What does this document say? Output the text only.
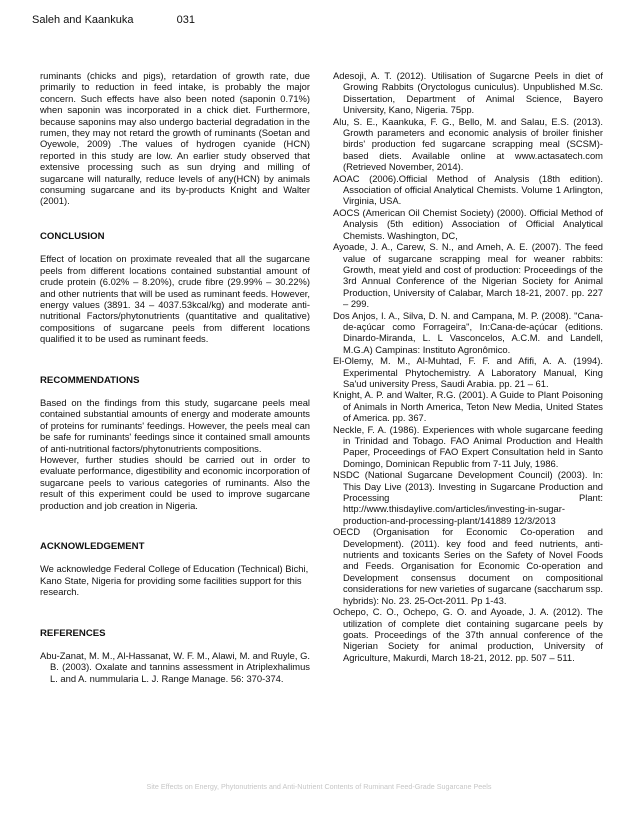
Saleh and Kaankuka	031

ruminants (chicks and pigs), retardation of growth rate, due primarily to reduction in feed intake, is probably the major concern. Such effects have also been noted (saponin 0.71%) when saponin was incorporated in a chick diet. Furthermore, because saponins may also undergo bacterial degradation in the rumen, they may not retard the growth of ruminants (Soetan and Oyewole, 2009) .The values of hydrogen cyanide (HCN) reported in this study are low. An earlier study observed that extensive processing such as sun drying and milling of sugarcane will naturally, reduce levels of any(HCN) by animals consuming sugarcane and its by-products Knight and Walter (2001).

CONCLUSION

Effect of location on proximate revealed that all the sugarcane peels from different locations contained substantial amount of crude protein (6.02% – 8.20%), crude fibre (29.99% – 30.22%) and other nutrients that will be used as ruminant feeds. However, energy values (3891. 34 – 4037.53kcal/kg) and moderate anti-nutritional Factors/phytonutrients (quantitative and qualitative) compositions of sugarcane peels from different locations qualified it to be used as ruminant feeds.

RECOMMENDATIONS

Based on the findings from this study, sugarcane peels meal contained substantial amounts of energy and moderate amounts of proteins for ruminants' feedings. However, the peels meal can be safe for ruminants' feedings since it contained small amounts of anti-nutritional factors/phytonutrients compositions.

However, further studies should be carried out in order to evaluate performance, digestibility and economic incorporation of sugarcane peels to various categories of ruminants. Also the result of this experiment could be used to improve sugarcane production and job creation in Nigeria.

ACKNOWLEDGEMENT

We acknowledge Federal College of Education (Technical) Bichi, Kano State, Nigeria for providing some facilities support for this research.

REFERENCES

Abu-Zanat, M. M., Al-Hassanat, W. F. M., Alawi, M. and Ruyle, G. B. (2003). Oxalate and tannins assessment in Atriplexhalimus L. and A. nummularia L. J. Range Manage. 56: 370-374.

Adesoji, A. T. (2012). Utilisation of Sugarcne Peels in diet of Growing Rabbits (Oryctologus cuniculus). Unpublished M.Sc. Dissertation, Department of Animal Science, Bayero University, Kano, Nigeria. 75pp.

Alu, S. E., Kaankuka, F. G., Bello, M. and Salau, E.S. (2013). Growth parameters and economic analysis of broiler finisher birds' production fed sugarcane scrapping meal (SCSM)-based diets. Available online at www.actasatech.com (Retrieved November, 2014).

AOAC (2006).Official Method of Analysis (18th edition). Association of official Analytical Chemists. Volume 1 Arlington, Virginia, USA.

AOCS (American Oil Chemist Society) (2000). Official Method of Analysis (5th edition) Association of Official Analytical Chemists. Washington, DC,

Ayoade, J. A., Carew, S. N., and Ameh, A. E. (2007). The feed value of sugarcane scrapping meal for weaner rabbits: Growth, meat yield and cost of production: Proceedings of the 3rd Annual Conference of the Nigerian Society for Animal Production, University of Calabar, March 18-21, 2007. pp. 227 – 299.

Dos Anjos, I. A., Silva, D. N. and Campana, M. P. (2008). "Cana-de-açúcar como Forrageira", In:Cana-de-açúcar (editions. Dinardo-Miranda, L. L Vasconcelos, A.C.M. and Landell, M.G.A) Campinas: Instituto Agronômico.

El-Olemy, M. M., Al-Muhtad, F. F. and Afifi, A. A. (1994). Experimental Phytochemistry. A Laboratory Manual, King Sa'ud university Press, Saudi Arabia. pp. 21 – 61.

Knight, A. P. and Walter, R.G. (2001). A Guide to Plant Poisoning of Animals in North America, Teton New Media, United States of America. pp. 367.

Neckle, F. A. (1986). Experiences with whole sugarcane feeding in Trinidad and Tobago. FAO Animal Production and Health Paper, Proceedings of FAO Expert Consultation held in Santo Domingo, Dominican Republic from 7-11 July, 1986.

NSDC (National Sugarcane Development Council) (2003). In: This Day Live (2013). Investing in Sugarcane Production and Processing Plant: http://www.thisdaylive.com/articles/investing-in-sugar-production-and-processing-plant/141889 12/3/2013

OECD (Organisation for Economic Co-operation and Development). (2011). key food and feed nutrients, anti-nutrients and toxicants Series on the Safety of Novel Foods and Feeds. Organisation for Economic Co-operation and Development consensus document on compositional considerations for new varieties of sugarcane (saccharum ssp. hybrids): No. 23. 25-Oct-2011. Pp 1-43.

Ochepo, C. O., Ochepo, G. O. and Ayoade, J. A. (2012). The utilization of complete diet containing sugarcane peels by goats. Proceedings of the 37th annual conference of the Nigerian Society for animal production, University of Agriculture, Makurdi, March 18-21, 2012. pp. 507 – 511.

Site Effects on Energy, Phytonutrients and Anti-Nutrient Contents of Ruminant Feed-Grade Sugarcane Peels
